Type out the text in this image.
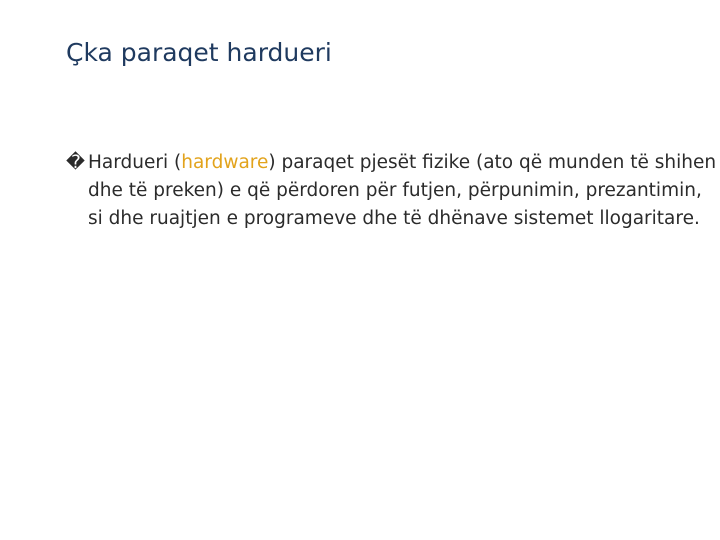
Çka paraqet hardueri
� Hardueri (hardware) paraqet pjesët fizike (ato që munden të shihen dhe të preken) e që përdoren për futjen, përpunimin, prezantimin, si dhe ruajtjen e programeve dhe të dhënave sistemet llogaritare.
